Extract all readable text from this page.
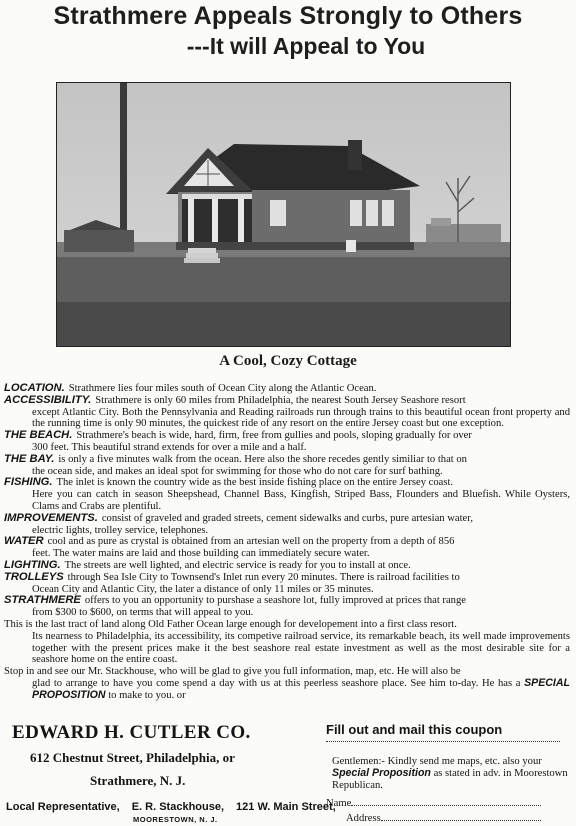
Strathmere Appeals Strongly to Others
---It will Appeal to You
A Cool, Cozy Cottage

LOCATION. Strathmere lies four miles south of Ocean City along the Atlantic Ocean.

ACCESSIBILITY. Strathmere is only 60 miles from Philadelphia, the nearest South Jersey Seashore resort
except Atlantic City. Both the Pennsylvania and Reading railroads run through trains to this beautiful ocean front property and the running time is only 90 minutes, the quickest ride of any resort on the entire Jersey coast but one exception.

THE BEACH. Strathmere's beach is wide, hard, firm, free from gullies and pools, sloping gradually for over
300 feet. This beautiful strand extends for over a mile and a half.

THE BAY. is only a five minutes walk from the ocean. Here also the shore recedes gently similiar to that on
the ocean side, and makes an ideal spot for swimming for those who do not care for surf bathing.

FISHING. The inlet is known the country wide as the best inside fishing place on the entire Jersey coast.
Here you can catch in season Sheepshead, Channel Bass, Kingfish, Striped Bass, Flounders and Bluefish. While Oysters, Clams and Crabs are plentiful.

IMPROVEMENTS. consist of graveled and graded streets, cement sidewalks and curbs, pure artesian water,
electric lights, trolley service, telephones.

WATER cool and as pure as crystal is obtained from an artesian well on the property from a depth of 856
feet. The water mains are laid and those building can immediately secure water.

LIGHTING. The streets are well lighted, and electric service is ready for you to install at once.

TROLLEYS through Sea Isle City to Townsend's Inlet run every 20 minutes. There is railroad facilities to
Ocean City and Atlantic City, the later a distance of only 11 miles or 35 minutes.

STRATHMERE offers to you an opportunity to purshase a seashore lot, fully improved at prices that range
from $300 to $600, on terms that will appeal to you.

This is the last tract of land along Old Father Ocean large enough for developement into a first class resort.
Its nearness to Philadelphia, its accessibility, its competive railroad service, its remarkable beach, its well made improvements together with the present prices make it the best seashore real estate investment as well as the most desirable site for a seashore home on the entire coast.

Stop in and see our Mr. Stackhouse, who will be glad to give you full information, map, etc. He will also be
glad to arrange to have you come spend a day with us at this peerless seashore place. See him to-day. He has a SPECIAL PROPOSITION to make to you. or

EDWARD H. CUTLER CO.
612 Chestnut Street, Philadelphia, or
Strathmere, N. J.
Local Representative, E. R. Stackhouse, 121 W. Main Street,
MOORESTOWN, N. J.
Fill out and mail this coupon
Gentlemen:- Kindly send me maps, etc. also your Special Proposition as stated in adv. in Moorestown Republican.
Name
Address
